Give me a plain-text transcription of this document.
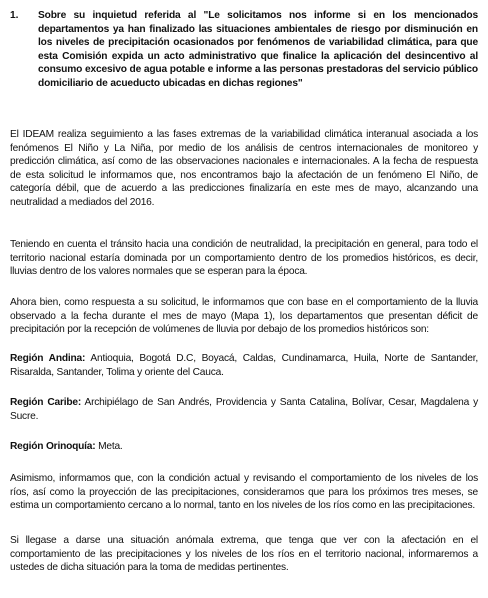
1.	Sobre su inquietud referida al "Le solicitamos nos informe si en los mencionados departamentos ya han finalizado las situaciones ambientales de riesgo por disminución en los niveles de precipitación ocasionados por fenómenos de variabilidad climática, para que esta Comisión expida un acto administrativo que finalice la aplicación del desincentivo al consumo excesivo de agua potable e informe a las personas prestadoras del servicio público domiciliario de acueducto ubicadas en dichas regiones"

El IDEAM realiza seguimiento a las fases extremas de la variabilidad climática interanual asociada a los fenómenos El Niño y La Niña, por medio de los análisis de centros internacionales de monitoreo y predicción climática, así como de las observaciones nacionales e internacionales. A la fecha de respuesta de esta solicitud le informamos que, nos encontramos bajo la afectación de un fenómeno El Niño, de categoría débil, que de acuerdo a las predicciones finalizaría en este mes de mayo, alcanzando una neutralidad a mediados del 2016.

Teniendo en cuenta el tránsito hacia una condición de neutralidad, la precipitación en general, para todo el territorio nacional estaría dominada por un comportamiento dentro de los promedios históricos, es decir, lluvias dentro de los valores normales que se esperan para la época.

Ahora bien, como respuesta a su solicitud, le informamos que con base en el comportamiento de la lluvia observado a la fecha durante el mes de mayo (Mapa 1), los departamentos que presentan déficit de precipitación por la recepción de volúmenes de lluvia por debajo de los promedios históricos son:

Región Andina: Antioquia, Bogotá D.C, Boyacá, Caldas, Cundinamarca, Huila, Norte de Santander, Risaralda, Santander, Tolima y oriente del Cauca.

Región Caribe: Archipiélago de San Andrés, Providencia y Santa Catalina, Bolívar, Cesar, Magdalena y Sucre.

Región Orinoquía: Meta.

Asimismo, informamos que, con la condición actual y revisando el comportamiento de los niveles de los ríos, así como la proyección de las precipitaciones, consideramos que para los próximos tres meses, se estima un comportamiento cercano a lo normal, tanto en los niveles de los ríos como en las precipitaciones.

Si llegase a darse una situación anómala extrema, que tenga que ver con la afectación en el comportamiento de las precipitaciones y los niveles de los ríos en el territorio nacional, informaremos a ustedes de dicha situación para la toma de medidas pertinentes.
